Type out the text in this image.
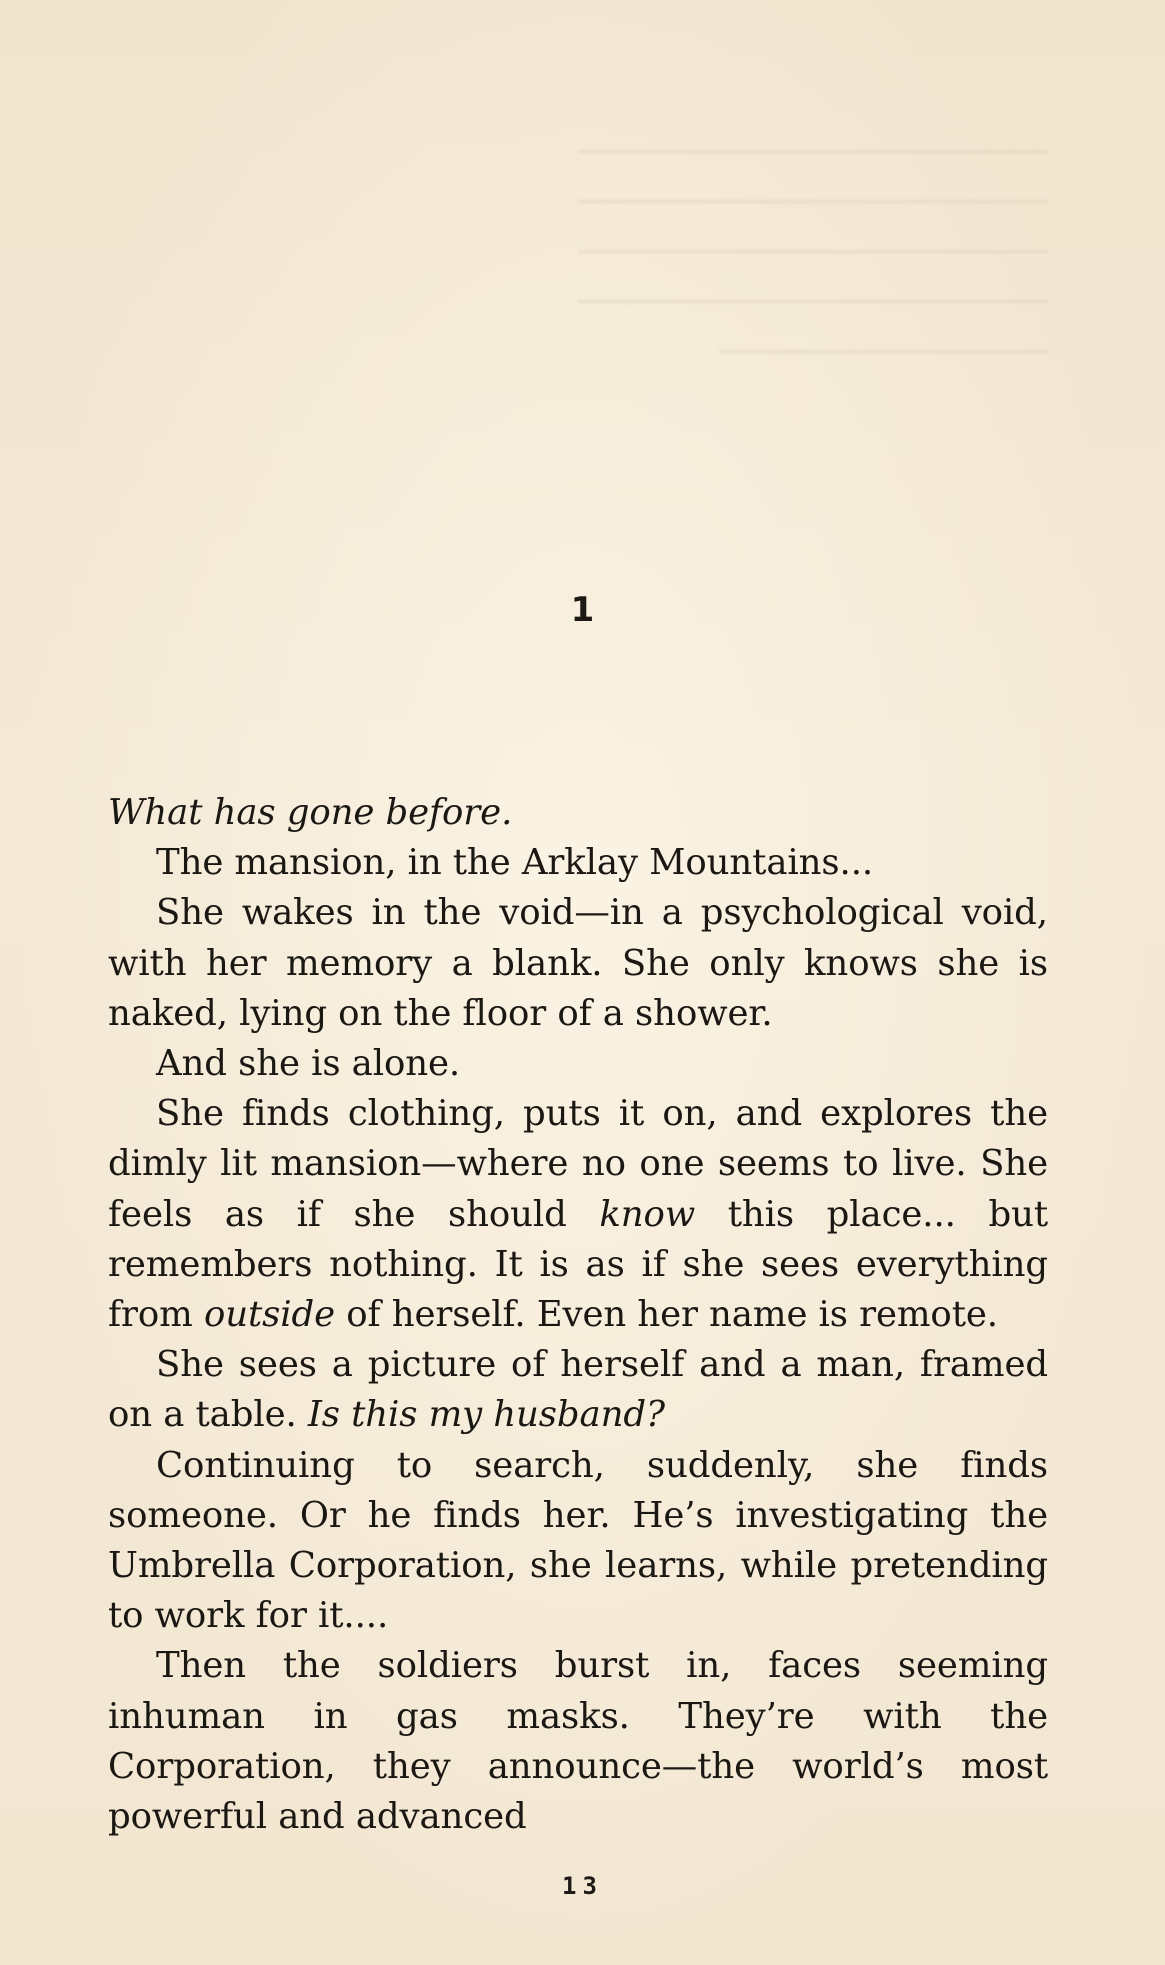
────────────────────
────────────────────
────────────────────
────────────────────
──────────────
1

What has gone before.

The mansion, in the Arklay Mountains...

She wakes in the void—in a psychological void, with her memory a blank. She only knows she is naked, lying on the floor of a shower.

And she is alone.

She finds clothing, puts it on, and explores the dimly lit mansion—where no one seems to live. She feels as if she should know this place... but remembers nothing. It is as if she sees everything from outside of herself. Even her name is remote.

She sees a picture of herself and a man, framed on a table. Is this my husband?

Continuing to search, suddenly, she finds someone. Or he finds her. He’s investigating the Umbrella Corporation, she learns, while pretending to work for it....

Then the soldiers burst in, faces seeming inhuman in gas masks. They’re with the Corporation, they announce—the world’s most powerful and advanced

13
